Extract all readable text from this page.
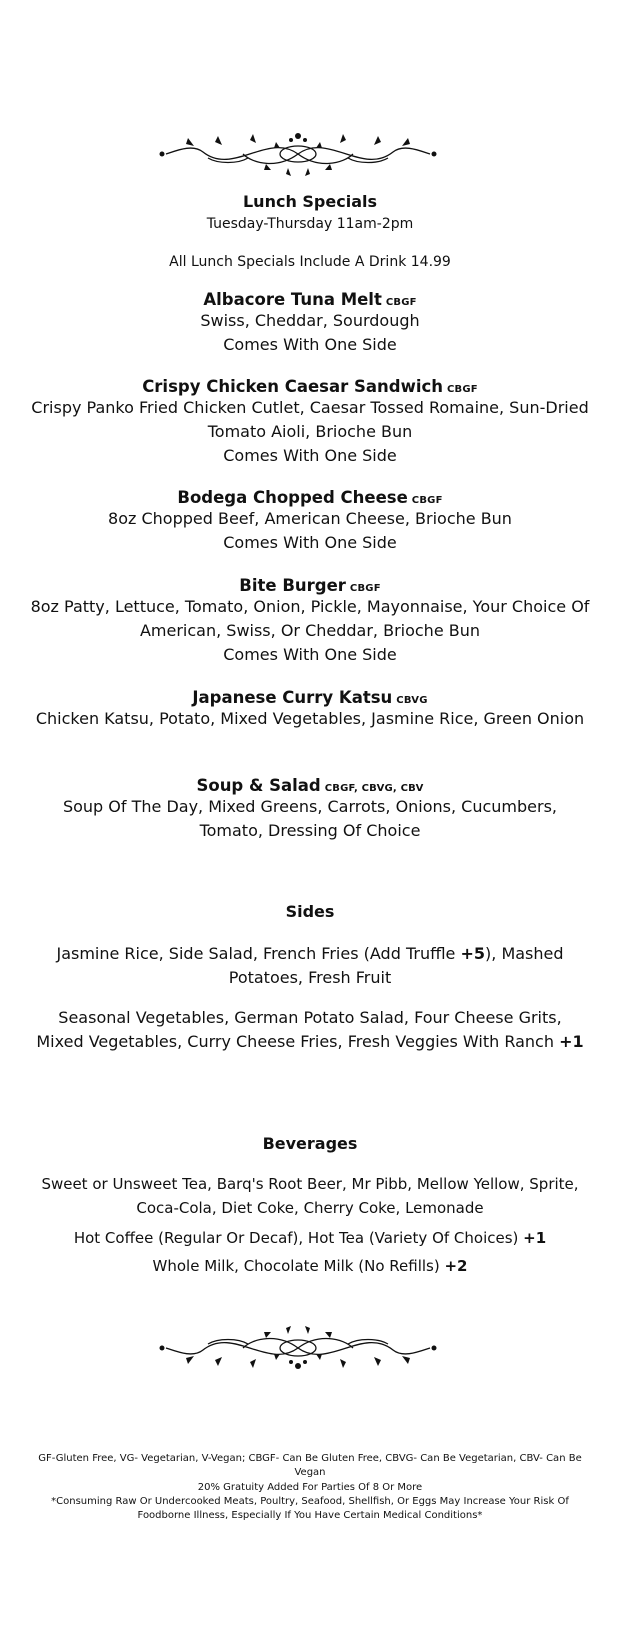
Lunch Specials
Tuesday-Thursday 11am-2pm
All Lunch Specials Include A Drink 14.99
Albacore Tuna Melt CBGF
Swiss, Cheddar, Sourdough
Comes With One Side
Crispy Chicken Caesar Sandwich CBGF
Crispy Panko Fried Chicken Cutlet, Caesar Tossed Romaine, Sun-Dried Tomato Aioli, Brioche Bun
Comes With One Side
Bodega Chopped Cheese CBGF
8oz Chopped Beef, American Cheese, Brioche Bun
Comes With One Side
Bite Burger CBGF
8oz Patty, Lettuce, Tomato, Onion, Pickle, Mayonnaise, Your Choice Of American, Swiss, Or Cheddar, Brioche Bun
Comes With One Side
Japanese Curry Katsu CBVG
Chicken Katsu, Potato, Mixed Vegetables, Jasmine Rice, Green Onion
Soup & Salad CBGF, CBVG, CBV
Soup Of The Day, Mixed Greens, Carrots, Onions, Cucumbers, Tomato, Dressing Of Choice
Sides
Jasmine Rice, Side Salad, French Fries (Add Truffle +5), Mashed Potatoes, Fresh Fruit
Seasonal Vegetables, German Potato Salad, Four Cheese Grits, Mixed Vegetables, Curry Cheese Fries, Fresh Veggies With Ranch +1
Beverages
Sweet or Unsweet Tea, Barq's Root Beer, Mr Pibb, Mellow Yellow, Sprite, Coca-Cola, Diet Coke, Cherry Coke, Lemonade
Hot Coffee (Regular Or Decaf), Hot Tea (Variety Of Choices) +1
Whole Milk, Chocolate Milk (No Refills) +2
GF-Gluten Free, VG- Vegetarian, V-Vegan; CBGF- Can Be Gluten Free, CBVG- Can Be Vegetarian, CBV- Can Be Vegan
20% Gratuity Added For Parties Of 8 Or More
*Consuming Raw Or Undercooked Meats, Poultry, Seafood, Shellfish, Or Eggs May Increase Your Risk Of Foodborne Illness, Especially If You Have Certain Medical Conditions*
